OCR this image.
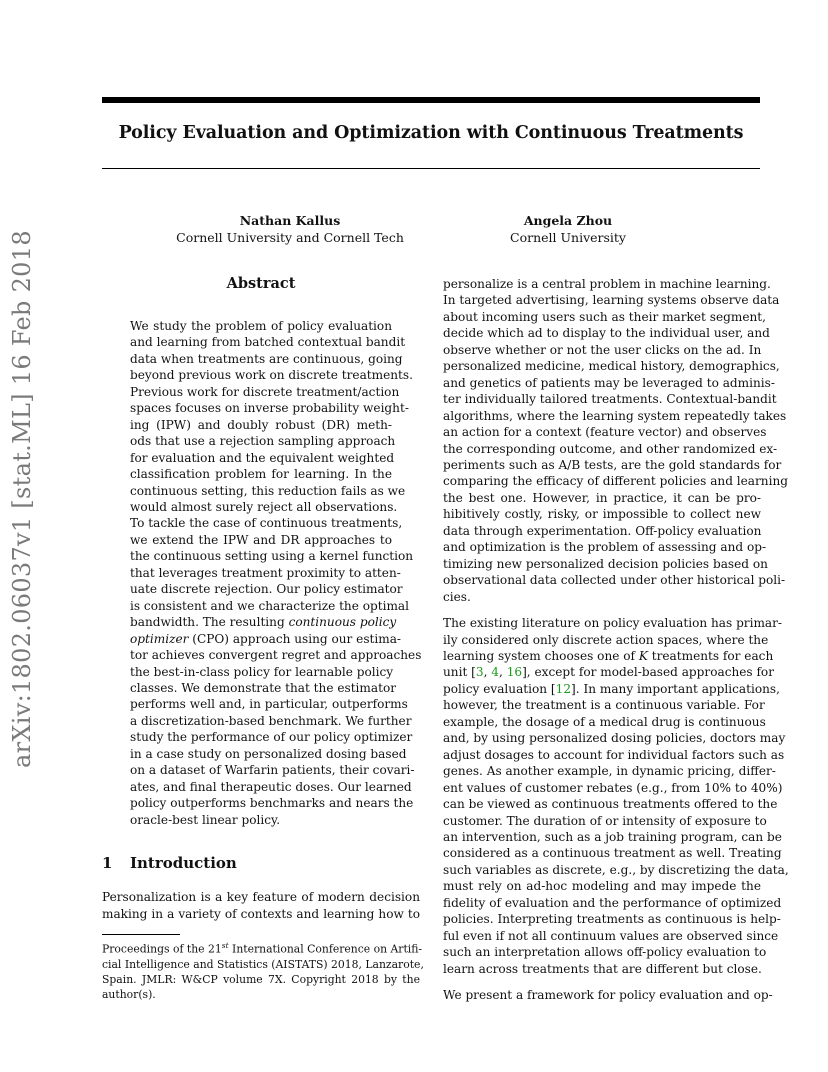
Policy Evaluation and Optimization with Continuous Treatments
Nathan Kallus
Cornell University and Cornell Tech
Angela Zhou
Cornell University
arXiv:1802.06037v1 [stat.ML] 16 Feb 2018	Abstract
We study the problem of policy evaluation
and learning from batched contextual bandit
data when treatments are continuous, going
beyond previous work on discrete treatments.
Previous work for discrete treatment/action
spaces focuses on inverse probability weight-
ing (IPW) and doubly robust (DR) meth-
ods that use a rejection sampling approach
for evaluation and the equivalent weighted
classification problem for learning. In the
continuous setting, this reduction fails as we
would almost surely reject all observations.
To tackle the case of continuous treatments,
we extend the IPW and DR approaches to
the continuous setting using a kernel function
that leverages treatment proximity to atten-
uate discrete rejection. Our policy estimator
is consistent and we characterize the optimal
bandwidth. The resulting continuous policy
optimizer (CPO) approach using our estima-
tor achieves convergent regret and approaches
the best-in-class policy for learnable policy
classes. We demonstrate that the estimator
performs well and, in particular, outperforms
a discretization-based benchmark. We further
study the performance of our policy optimizer
in a case study on personalized dosing based
on a dataset of Warfarin patients, their covari-
ates, and final therapeutic doses. Our learned
policy outperforms benchmarks and nears the
oracle-best linear policy.
1 Introduction
Personalization is a key feature of modern decision
making in a variety of contexts and learning how to
Proceedings of the 21st International Conference on Artifi-
cial Intelligence and Statistics (AISTATS) 2018, Lanzarote,
Spain. JMLR: W&CP volume 7X. Copyright 2018 by the
author(s).
personalize is a central problem in machine learning.
In targeted advertising, learning systems observe data
about incoming users such as their market segment,
decide which ad to display to the individual user, and
observe whether or not the user clicks on the ad. In
personalized medicine, medical history, demographics,
and genetics of patients may be leveraged to adminis-
ter individually tailored treatments. Contextual-bandit
algorithms, where the learning system repeatedly takes
an action for a context (feature vector) and observes
the corresponding outcome, and other randomized ex-
periments such as A/B tests, are the gold standards for
comparing the efficacy of different policies and learning
the best one. However, in practice, it can be pro-
hibitively costly, risky, or impossible to collect new
data through experimentation. Off-policy evaluation
and optimization is the problem of assessing and op-
timizing new personalized decision policies based on
observational data collected under other historical poli-
cies.
The existing literature on policy evaluation has primar-
ily considered only discrete action spaces, where the
learning system chooses one of K treatments for each
unit [3, 4, 16], except for model-based approaches for
policy evaluation [12]. In many important applications,
however, the treatment is a continuous variable. For
example, the dosage of a medical drug is continuous
and, by using personalized dosing policies, doctors may
adjust dosages to account for individual factors such as
genes. As another example, in dynamic pricing, differ-
ent values of customer rebates (e.g., from 10% to 40%)
can be viewed as continuous treatments offered to the
customer. The duration of or intensity of exposure to
an intervention, such as a job training program, can be
considered as a continuous treatment as well. Treating
such variables as discrete, e.g., by discretizing the data,
must rely on ad-hoc modeling and may impede the
fidelity of evaluation and the performance of optimized
policies. Interpreting treatments as continuous is help-
ful even if not all continuum values are observed since
such an interpretation allows off-policy evaluation to
learn across treatments that are different but close.
We present a framework for policy evaluation and op-
